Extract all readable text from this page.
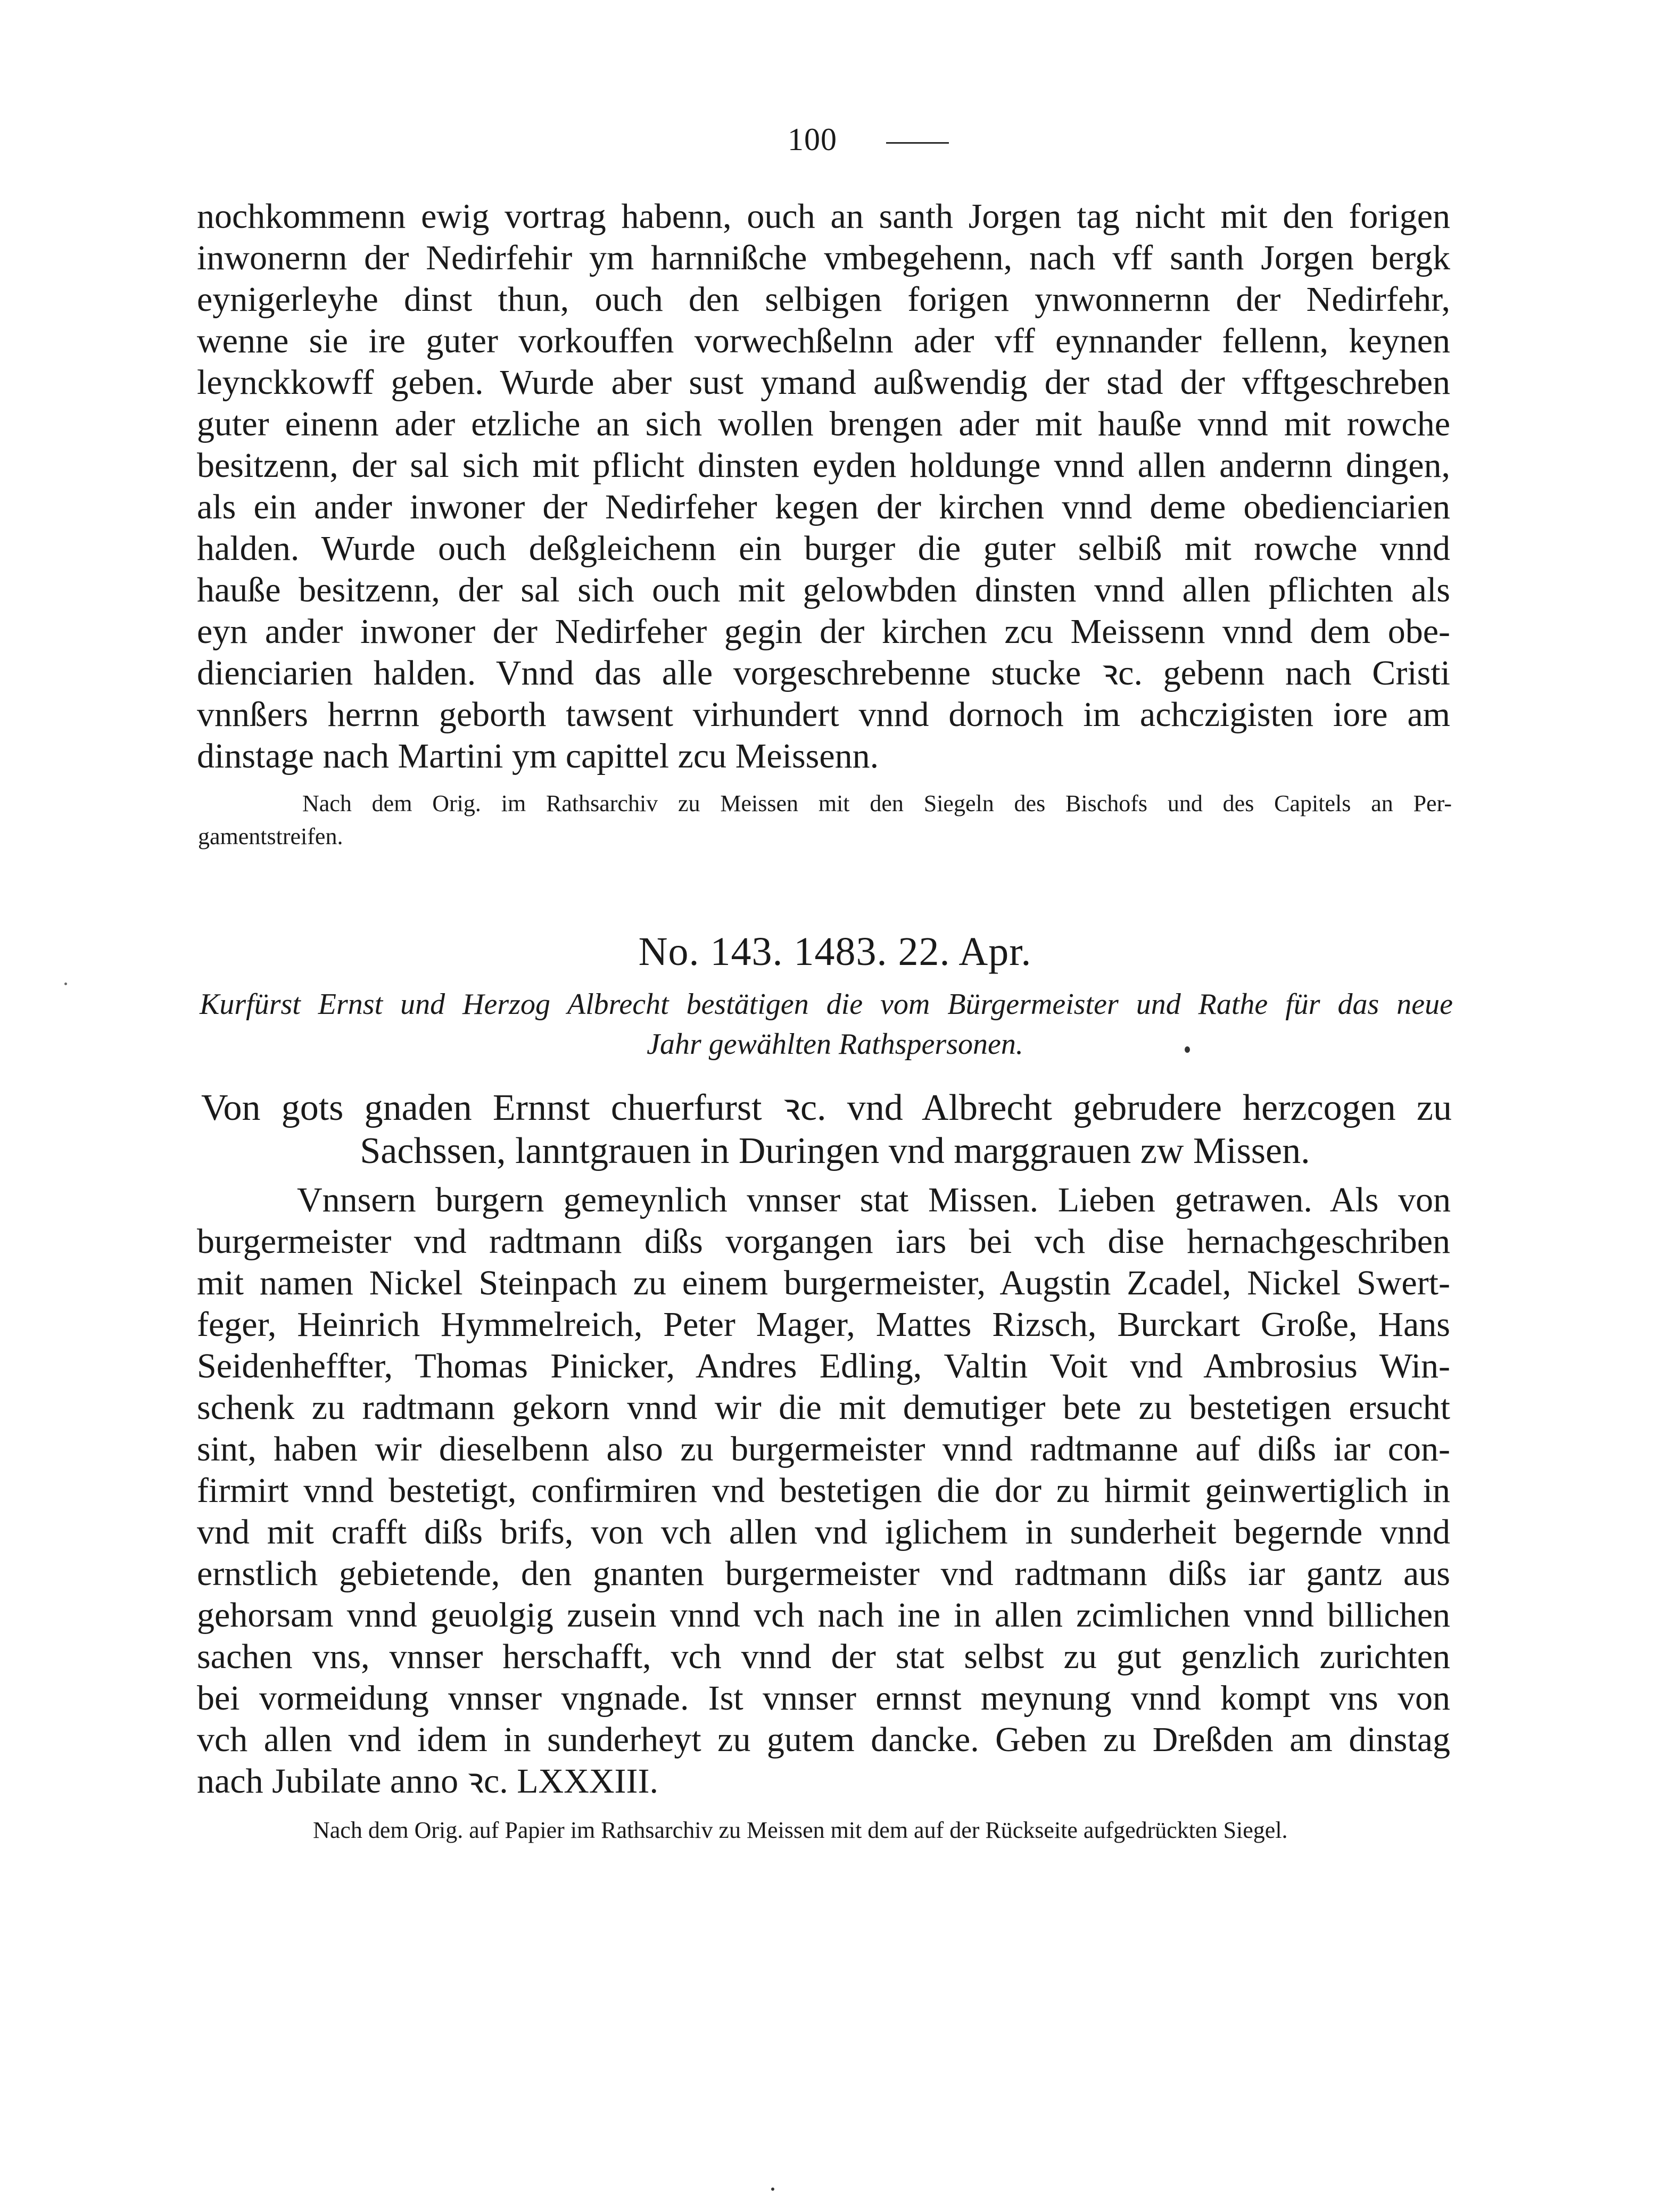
100
nochkommenn ewig vortrag habenn, ouch an santh Jorgen tag nicht mit den forigen
inwonernn der Nedirfehir ym harnnißche vmbegehenn, nach vff santh Jorgen bergk
eynigerleyhe dinst thun, ouch den selbigen forigen ynwonnernn der Nedirfehr,
wenne sie ire guter vorkouffen vorwechßelnn ader vff eynnander fellenn, keynen
leynckkowff geben. Wurde aber sust ymand außwendig der stad der vfftgeschreben
guter einenn ader etzliche an sich wollen brengen ader mit hauße vnnd mit rowche
besitzenn, der sal sich mit pflicht dinsten eyden holdunge vnnd allen andernn dingen,
als ein ander inwoner der Nedirfeher kegen der kirchen vnnd deme obedienciarien
halden. Wurde ouch deßgleichenn ein burger die guter selbiß mit rowche vnnd
hauße besitzenn, der sal sich ouch mit gelowbden dinsten vnnd allen pflichten als
eyn ander inwoner der Nedirfeher gegin der kirchen zcu Meissenn vnnd dem obe-
dienciarien halden. Vnnd das alle vorgeschrebenne stucke ꝛc. gebenn nach Cristi
vnnßers herrnn geborth tawsent virhundert vnnd dornoch im achczigisten iore am
dinstage nach Martini ym capittel zcu Meissenn.
Nach dem Orig. im Rathsarchiv zu Meissen mit den Siegeln des Bischofs und des Capitels an Per-
gamentstreifen.
No. 143. 1483. 22. Apr.
Kurfürst Ernst und Herzog Albrecht bestätigen die vom Bürgermeister und Rathe für das neue
Jahr gewählten Rathspersonen.
Von gots gnaden Ernnst chuerfurst ꝛc. vnd Albrecht gebrudere herzcogen zu
Sachssen, lanntgrauen in Duringen vnd marggrauen zw Missen.
Vnnsern burgern gemeynlich vnnser stat Missen. Lieben getrawen. Als von
burgermeister vnd radtmann dißs vorgangen iars bei vch dise hernachgeschriben
mit namen Nickel Steinpach zu einem burgermeister, Augstin Zcadel, Nickel Swert-
feger, Heinrich Hymmelreich, Peter Mager, Mattes Rizsch, Burckart Große, Hans
Seidenheffter, Thomas Pinicker, Andres Edling, Valtin Voit vnd Ambrosius Win-
schenk zu radtmann gekorn vnnd wir die mit demutiger bete zu bestetigen ersucht
sint, haben wir dieselbenn also zu burgermeister vnnd radtmanne auf dißs iar con-
firmirt vnnd bestetigt, confirmiren vnd bestetigen die dor zu hirmit geinwertiglich in
vnd mit crafft dißs brifs, von vch allen vnd iglichem in sunderheit begernde vnnd
ernstlich gebietende, den gnanten burgermeister vnd radtmann dißs iar gantz aus
gehorsam vnnd geuolgig zusein vnnd vch nach ine in allen zcimlichen vnnd billichen
sachen vns, vnnser herschafft, vch vnnd der stat selbst zu gut genzlich zurichten
bei vormeidung vnnser vngnade. Ist vnnser ernnst meynung vnnd kompt vns von
vch allen vnd idem in sunderheyt zu gutem dancke. Geben zu Dreßden am dinstag
nach Jubilate anno ꝛc. LXXXIII.
Nach dem Orig. auf Papier im Rathsarchiv zu Meissen mit dem auf der Rückseite aufgedrückten Siegel.
